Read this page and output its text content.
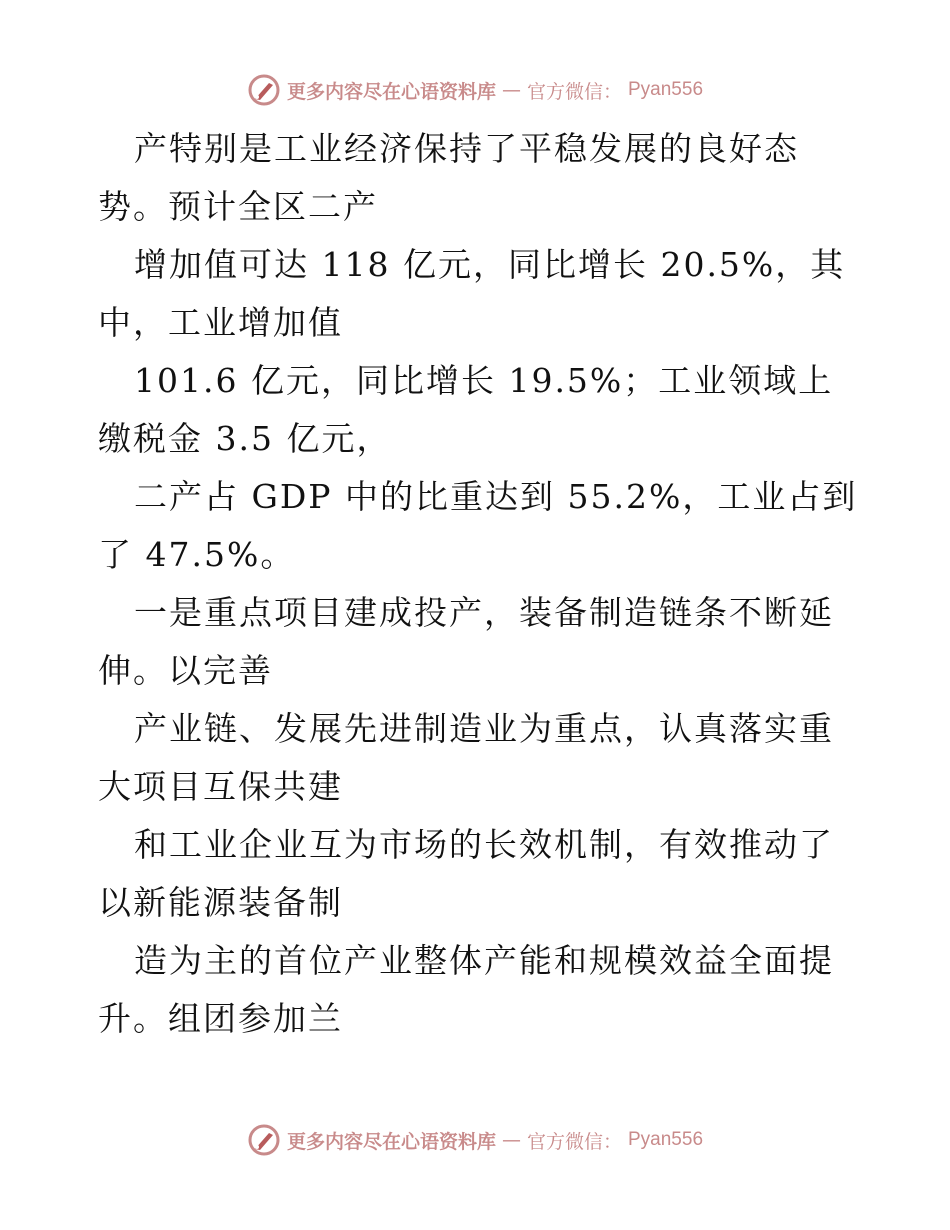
更多内容尽在心语资料库 — 官方微信： Pyan556

产特别是工业经济保持了平稳发展的良好态势。预计全区二产

增加值可达 118 亿元，同比增长 20.5%，其中，工业增加值

101.6 亿元，同比增长 19.5%；工业领域上缴税金 3.5 亿元，

二产占 GDP 中的比重达到 55.2%，工业占到了 47.5%。

一是重点项目建成投产，装备制造链条不断延伸。以完善

产业链、发展先进制造业为重点，认真落实重大项目互保共建

和工业企业互为市场的长效机制，有效推动了以新能源装备制

造为主的首位产业整体产能和规模效益全面提升。组团参加兰

更多内容尽在心语资料库 — 官方微信： Pyan556
